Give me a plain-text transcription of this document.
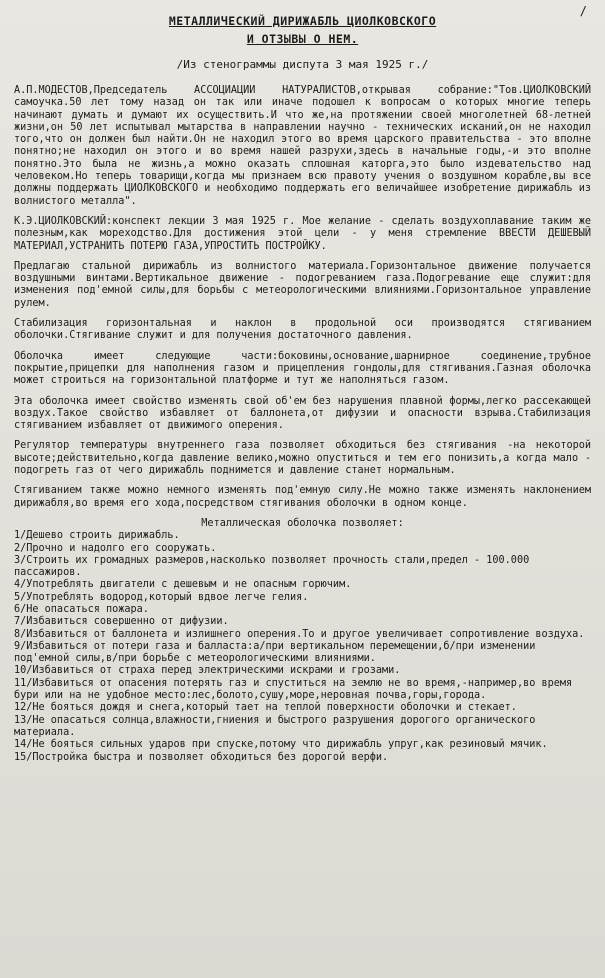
/

МЕТАЛЛИЧЕСКИЙ ДИРИЖАБЛЬ ЦИОЛКОВСКОГО

И ОТЗЫВЫ О НЕМ.

/Из стенограммы диспута 3 мая 1925 г./

А.П.МОДЕСТОВ,Председатель АССОЦИАЦИИ НАТУРАЛИСТОВ,открывая собрание:"Тов.ЦИОЛКОВСКИЙ самоучка.50 лет тому назад он так или иначе подошел к вопросам о которых многие теперь начинают думать и думают их осуществить.И что же,на протяжении своей многолетней 68-летней жизни,он 50 лет испытывал мытарства в направлении научно - технических исканий,он не находил того,что он должен был найти.Он не находил этого во время царского правительства - это вполне понятно;не находил он этого и во время нашей разрухи,здесь в начальные годы,-и это вполне понятно.Это была не жизнь,а можно оказать сплошная каторга,это было издевательство над человеком.Но теперь товарищи,когда мы признаем всю правоту учения о воздушном корабле,вы все должны поддержать ЦИОЛКОВСКОГО и необходимо поддержать его величайшее изобретение дирижабль из волнистого металла".

К.Э.ЦИОЛКОВСКИЙ:конспект лекции 3 мая 1925 г. Мое желание - сделать воздухоплавание таким же полезным,как мореходство.Для достижения этой цели - у меня стремление ВВЕСТИ ДЕШЕВЫЙ МАТЕРИАЛ,УСТРАНИТЬ ПОТЕРЮ ГАЗА,УПРОСТИТЬ ПОСТРОЙКУ.

Предлагаю стальной дирижабль из волнистого материала.Горизонтальное движение получается воздушными винтами.Вертикальное движение - подогреванием газа.Подогревание еще служит:для изменения под'емной силы,для борьбы с метеорологическими влияниями.Горизонтальное управление рулем.

Стабилизация горизонтальная и наклон в продольной оси производятся стягиванием оболочки.Стягивание служит и для получения достаточного давления.

Оболочка имеет следующие части:боковины,основание,шарнирное соединение,трубное покрытие,прицепки для наполнения газом и прицепления гондолы,для стягивания.Газная оболочка может строиться на горизонтальной платформе и тут же наполняться газом.

Эта оболочка имеет свойство изменять свой об'ем без нарушения плавной формы,легко рассекающей воздух.Такое свойство избавляет от баллонета,от дифузии и опасности взрыва.Стабилизация стягиванием избавляет от движимого оперения.

Регулятор температуры внутреннего газа позволяет обходиться без стягивания -на некоторой высоте;действительно,когда давление велико,можно опуститься и тем его понизить,а когда мало - подогреть газ от чего дирижабль поднимется и давление станет нормальным.

Стягиванием также можно немного изменять под'емную силу.Не можно также изменять наклонением дирижабля,во время его хода,посредством стягивания оболочки в одном конце.

Металлическая оболочка позволяет:

1/Дешево строить дирижабль.
2/Прочно и надолго его сооружать.
3/Строить их громадных размеров,насколько позволяет прочность стали,предел - 100.000 пассажиров.
4/Употреблять двигатели с дешевым и не опасным горючим.
5/Употреблять водород,который вдвое легче гелия.
6/Не опасаться пожара.
7/Избавиться совершенно от дифузии.
8/Избавиться от баллонета и излишнего оперения.То и другое увеличивает сопротивление воздуха.
9/Избавиться от потери газа и балласта:а/при вертикальном перемещении,б/при изменении под'емной силы,в/при борьбе с метеорологическими влияниями.
10/Избавиться от страха перед электрическими искрами и грозами.
11/Избавиться от опасения потерять газ и спуститься на землю не во время,-например,во время бури или на не удобное место:лес,болото,сушу,море,неровная почва,горы,города.
12/Не бояться дождя и снега,который тает на теплой поверхности оболочки и стекает.
13/Не опасаться солнца,влажности,гниения и быстрого разрушения дорогого органического материала.
14/Не бояться сильных ударов при спуске,потому что дирижабль упруг,как резиновый мячик.
15/Постройка быстра и позволяет обходиться без дорогой верфи.
